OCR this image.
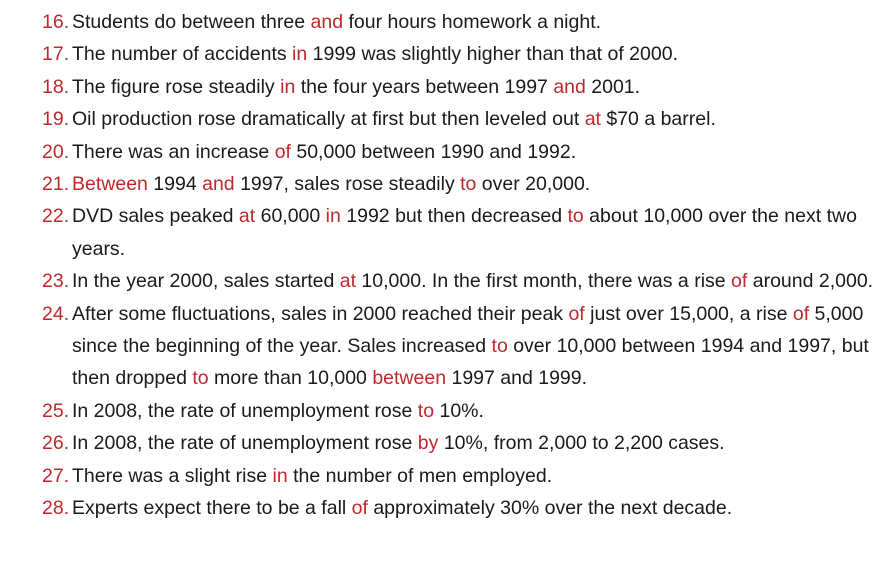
16. Students do between three and four hours homework a night.
17. The number of accidents in 1999 was slightly higher than that of 2000.
18. The figure rose steadily in the four years between 1997 and 2001.
19. Oil production rose dramatically at first but then leveled out at $70 a barrel.
20. There was an increase of 50,000 between 1990 and 1992.
21. Between 1994 and 1997, sales rose steadily to over 20,000.
22. DVD sales peaked at 60,000 in 1992 but then decreased to about 10,000 over the next two years.
23. In the year 2000, sales started at 10,000. In the first month, there was a rise of around 2,000.
24. After some fluctuations, sales in 2000 reached their peak of just over 15,000, a rise of 5,000 since the beginning of the year. Sales increased to over 10,000 between 1994 and 1997, but then dropped to more than 10,000 between 1997 and 1999.
25. In 2008, the rate of unemployment rose to 10%.
26. In 2008, the rate of unemployment rose by 10%, from 2,000 to 2,200 cases.
27. There was a slight rise in the number of men employed.
28. Experts expect there to be a fall of approximately 30% over the next decade.
